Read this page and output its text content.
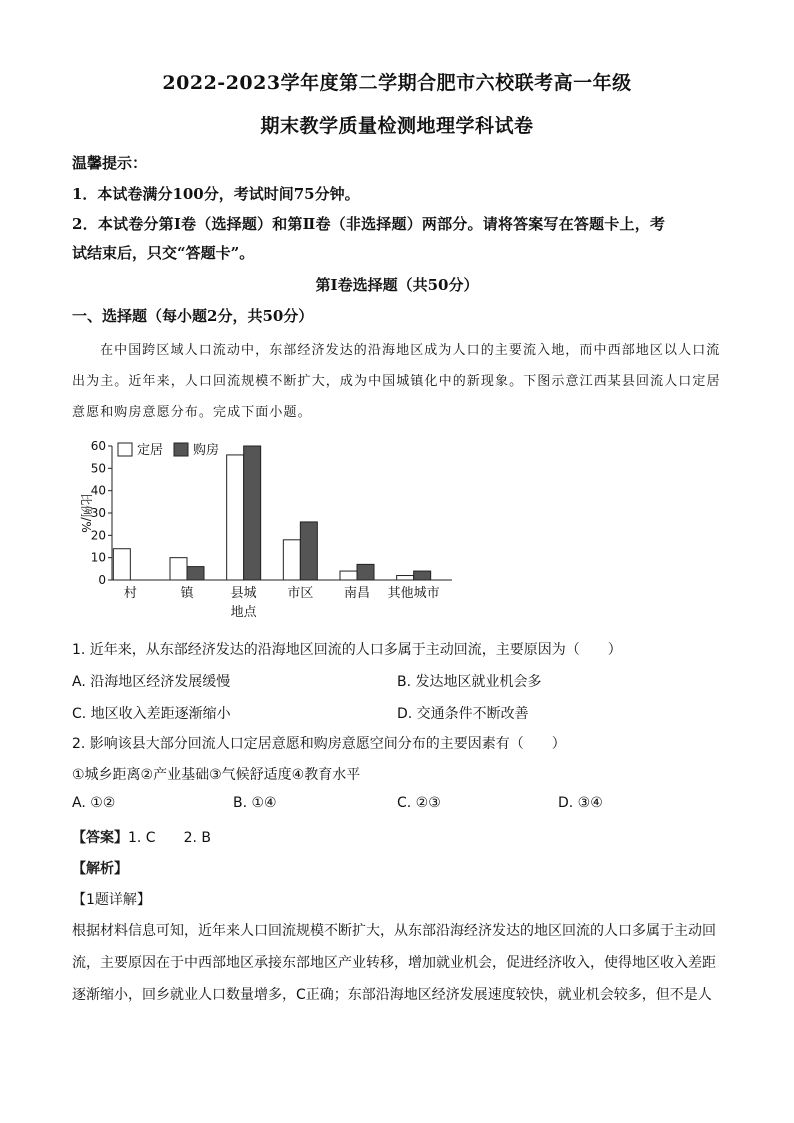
2022-2023学年度第二学期合肥市六校联考高一年级
期末教学质量检测地理学科试卷
温馨提示：
1．本试卷满分100分，考试时间75分钟。
2．本试卷分第Ⅰ卷（选择题）和第Ⅱ卷（非选择题）两部分。请将答案写在答题卡上，考
试结束后，只交“答题卡”。
第Ⅰ卷选择题（共50分）
一、选择题（每小题2分，共50分）
在中国跨区域人口流动中，东部经济发达的沿海地区成为人口的主要流入地，而中西部地区以人口流
出为主。近年来，人口回流规模不断扩大，成为中国城镇化中的新现象。下图示意江西某县回流人口定居
意愿和购房意愿分布。完成下面小题。
0
10
20
30
40
50
60
比例/%
村	镇	县城 市区 南昌 其他城市
地点
定居 购房
1. 近年来，从东部经济发达的沿海地区回流的人口多属于主动回流，主要原因为（　　）
A. 沿海地区经济发展缓慢	B. 发达地区就业机会多
C. 地区收入差距逐渐缩小	D. 交通条件不断改善
2. 影响该县大部分回流人口定居意愿和购房意愿空间分布的主要因素有（　　）
①城乡距离②产业基础③气候舒适度④教育水平
A. ①②	B. ①④	C. ②③	D. ③④
【答案】1. C　　2. B
【解析】
【1题详解】
根据材料信息可知，近年来人口回流规模不断扩大，从东部沿海经济发达的地区回流的人口多属于主动回
流，主要原因在于中西部地区承接东部地区产业转移，增加就业机会，促进经济收入，使得地区收入差距
逐渐缩小，回乡就业人口数量增多，C正确；东部沿海地区经济发展速度较快，就业机会较多，但不是人
